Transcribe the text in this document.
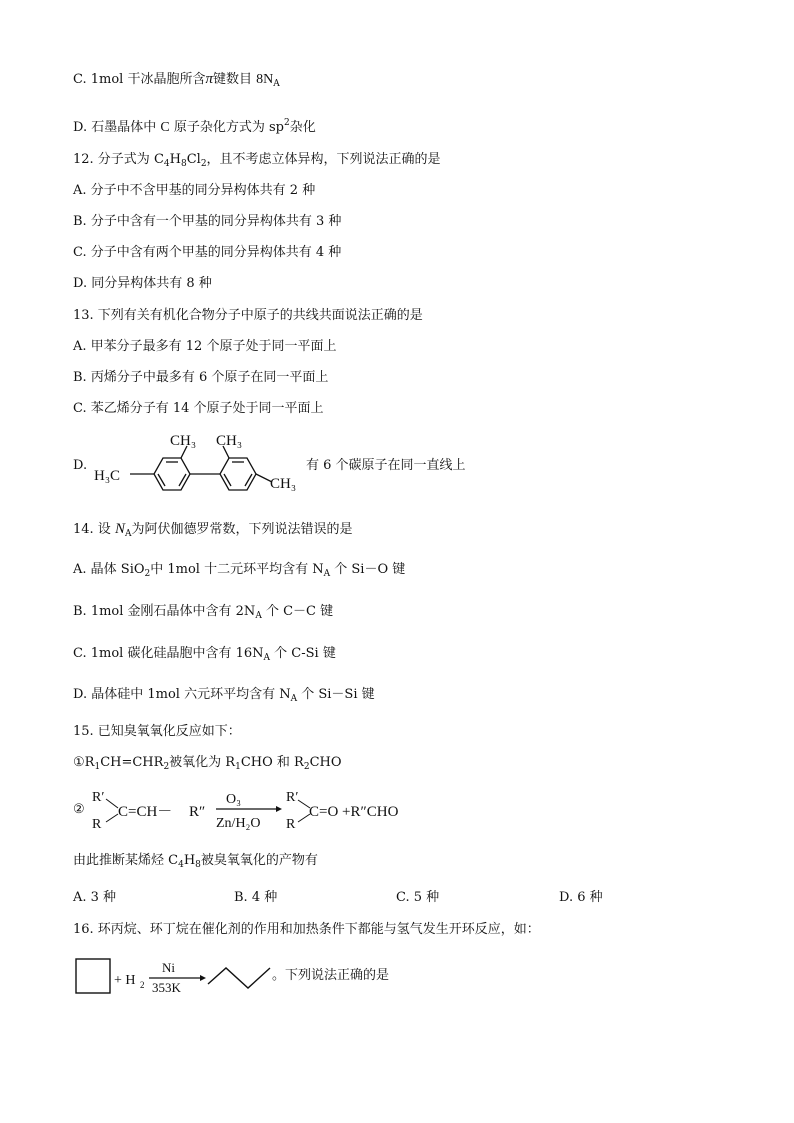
C. 1mol 干冰晶胞所含π键数目 $8N_A$
D. 石墨晶体中 C 原子杂化方式为 $sp^2$杂化
12. 分子式为 $C_4H_8Cl_2$，且不考虑立体异构，下列说法正确的是
A. 分子中不含甲基的同分异构体共有 2 种
B. 分子中含有一个甲基的同分异构体共有 3 种
C. 分子中含有两个甲基的同分异构体共有 4 种
D. 同分异构体共有 8 种
13. 下列有关有机化合物分子中原子的共线共面说法正确的是
A. 甲苯分子最多有 12 个原子处于同一平面上
B. 丙烯分子中最多有 6 个原子在同一平面上
C. 苯乙烯分子有 14 个原子处于同一平面上
D.
CH₃ CH₃
H₃C	CH₃
有 6 个碳原子在同一直线上
14. 设 $N_A$为阿伏伽德罗常数，下列说法错误的是
A. 晶体 SiO$_2$中 1mol 十二元环平均含有 $N_A$ 个 Si－O 键
B. 1mol 金刚石晶体中含有 $2N_A$ 个 C－C 键
C. 1mol 碳化硅晶胞中含有 $16N_A$ 个 C-Si 键
D. 晶体硅中 1mol 六元环平均含有 $N_A$ 个 Si－Si 键
15. 已知臭氧氧化反应如下：
$①R_1CH=CHR_2$被氧化为 $R_1CHO$ 和 $R_2CHO$
②
R′
R
C=CH－ R″
O₃
Zn/H₂O
R′
R
C=O +R″CHO
由此推断某烯烃 $C_4H_8$被臭氧氧化的产物有
A. 3 种	B. 4 种	C. 5 种	D. 6 种
16. 环丙烷、环丁烷在催化剂的作用和加热条件下都能与氢气发生开环反应，如：
+ H 2
Ni
353K
。下列说法正确的是
